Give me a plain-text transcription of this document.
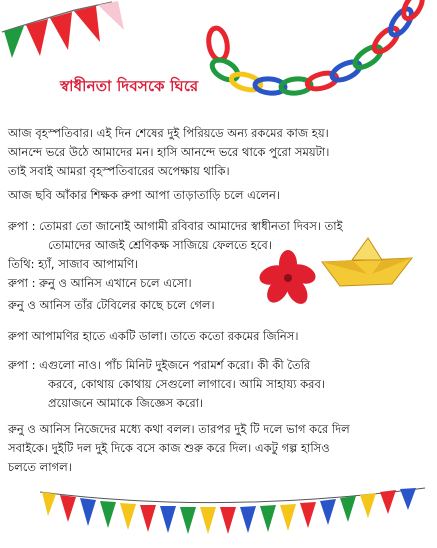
স্বাধীনতা দিবসকে ঘিরে
আজ বৃহস্পতিবার। এই দিন শেষের দুই পিরিয়ডে অন্য রকমের কাজ হয়।
আনন্দে ভরে উঠে আমাদের মন। হাসি আনন্দে ভরে থাকে পুরো সময়টা।
তাই সবাই আমরা বৃহস্পতিবারের অপেক্ষায় থাকি।
আজ ছবি আঁকার শিক্ষক রুপা আপা তাড়াতাড়ি চলে এলেন।
রুপা : তোমরা তো জানোই আগামী রবিবার আমাদের স্বাধীনতা দিবস। তাই
তোমাদের আজই শ্রেণিকক্ষ সাজিয়ে ফেলতে হবে।
তিথি: হ্যাঁ, সাজাব আপামণি।
রুপা : রুনু ও আনিস এখানে চলে এসো।
রুনু ও আনিস তাঁর টেবিলের কাছে চলে গেল।
রুপা আপামণির হাতে একটি ডালা। তাতে কতো রকমের জিনিস।
রুপা : এগুলো নাও। পাঁচ মিনিট দুইজনে পরামর্শ করো। কী কী তৈরি
করবে, কোথায় কোথায় সেগুলো লাগাবে। আমি সাহায্য করব।
প্রয়োজনে আমাকে জিজ্ঞেস করো।
রুনু ও আনিস নিজেদের মধ্যে কথা বলল। তারপর দুই টি দলে ভাগ করে দিল
সবাইকে। দুইটি দল দুই দিকে বসে কাজ শুরু করে দিল। একটু গল্প হাসিও
চলতে লাগল।
